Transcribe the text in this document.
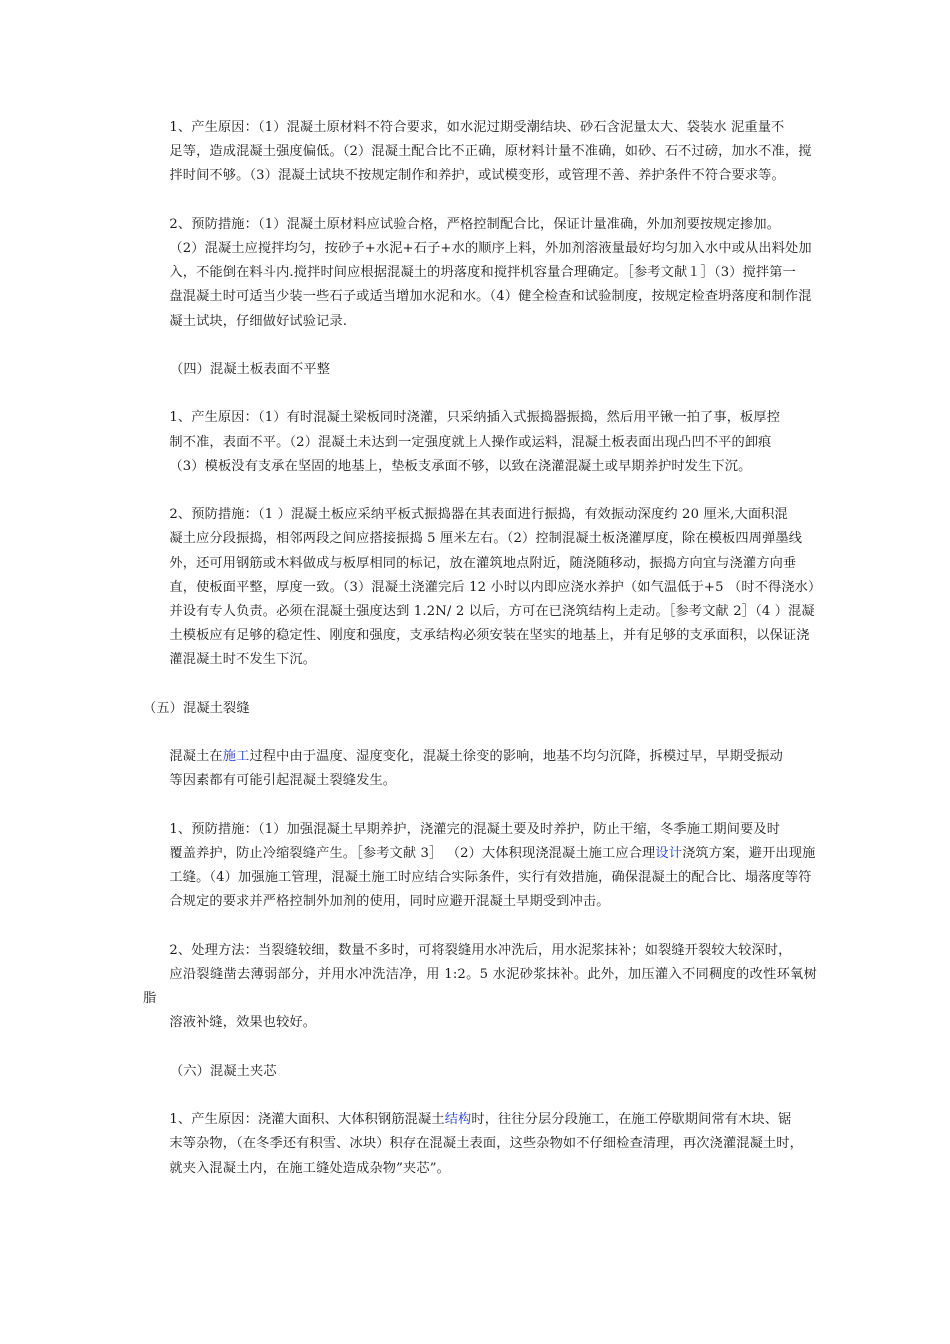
1、产生原因：（1）混凝土原材料不符合要求，如水泥过期受潮结块、砂石含泥量太大、袋装水 泥重量不
足等，造成混凝土强度偏低。（2）混凝土配合比不正确，原材料计量不准确，如砂、石不过磅，加水不准，搅
拌时间不够。（3）混凝土试块不按规定制作和养护，或试模变形，或管理不善、养护条件不符合要求等。

2、预防措施：（1）混凝土原材料应试验合格，严格控制配合比，保证计量准确，外加剂要按规定掺加。
（2）混凝土应搅拌均匀，按砂子+水泥+石子+水的顺序上料，外加剂溶液量最好均匀加入水中或从出料处加
入，不能倒在料斗内.搅拌时间应根据混凝土的坍落度和搅拌机容量合理确定。［参考文献１］（3）搅拌第一
盘混凝土时可适当少装一些石子或适当增加水泥和水。（4）健全检查和试验制度，按规定检查坍落度和制作混
凝土试块，仔细做好试验记录.

（四）混凝土板表面不平整

1、产生原因：（1）有时混凝土梁板同时浇灌，只采纳插入式振捣器振捣，然后用平锹一拍了事，板厚控
制不准，表面不平。（2）混凝土未达到一定强度就上人操作或运料，混凝土板表面出现凸凹不平的卸痕
（3）模板没有支承在坚固的地基上，垫板支承面不够，以致在浇灌混凝土或早期养护时发生下沉。

2、预防措施：（1 ）混凝土板应采纳平板式振捣器在其表面进行振捣，有效振动深度约 20 厘米,大面积混
凝土应分段振捣，相邻两段之间应搭接振捣 5 厘米左右。（2）控制混凝土板浇灌厚度，除在模板四周弹墨线
外，还可用钢筋或木料做成与板厚相同的标记，放在灌筑地点附近，随浇随移动，振捣方向宜与浇灌方向垂
直，使板面平整，厚度一致。（3）混凝土浇灌完后 12 小时以内即应浇水养护（如气温低于+5 （时不得浇水）
并设有专人负责。必须在混凝土强度达到 1.2N/ 2 以后，方可在已浇筑结构上走动。［参考文献 2］（4 ）混凝
土模板应有足够的稳定性、刚度和强度，支承结构必须安装在坚实的地基上，并有足够的支承面积，以保证浇
灌混凝土时不发生下沉。

（五）混凝土裂缝

混凝土在施工过程中由于温度、湿度变化，混凝土徐变的影响，地基不均匀沉降，拆模过早，早期受振动
等因素都有可能引起混凝土裂缝发生。

1、预防措施：（1）加强混凝土早期养护，浇灌完的混凝土要及时养护，防止干缩，冬季施工期间要及时
覆盖养护，防止冷缩裂缝产生。［参考文献 3］ （2）大体积现浇混凝土施工应合理设计浇筑方案，避开出现施
工缝。（4）加强施工管理，混凝土施工时应结合实际条件，实行有效措施，确保混凝土的配合比、塌落度等符
合规定的要求并严格控制外加剂的使用，同时应避开混凝土早期受到冲击。

2、处理方法：当裂缝较细，数量不多时，可将裂缝用水冲洗后，用水泥浆抹补；如裂缝开裂较大较深时，
应沿裂缝凿去薄弱部分，并用水冲洗洁净，用 1:2。5 水泥砂浆抹补。此外，加压灌入不同稠度的改性环氧树脂
溶液补缝，效果也较好。

（六）混凝土夹芯

1、产生原因：浇灌大面积、大体积钢筋混凝土结构时，往往分层分段施工，在施工停歇期间常有木块、锯
末等杂物，（在冬季还有积雪、冰块）积存在混凝土表面，这些杂物如不仔细检查清理，再次浇灌混凝土时，
就夹入混凝土内，在施工缝处造成杂物”夹芯”。
